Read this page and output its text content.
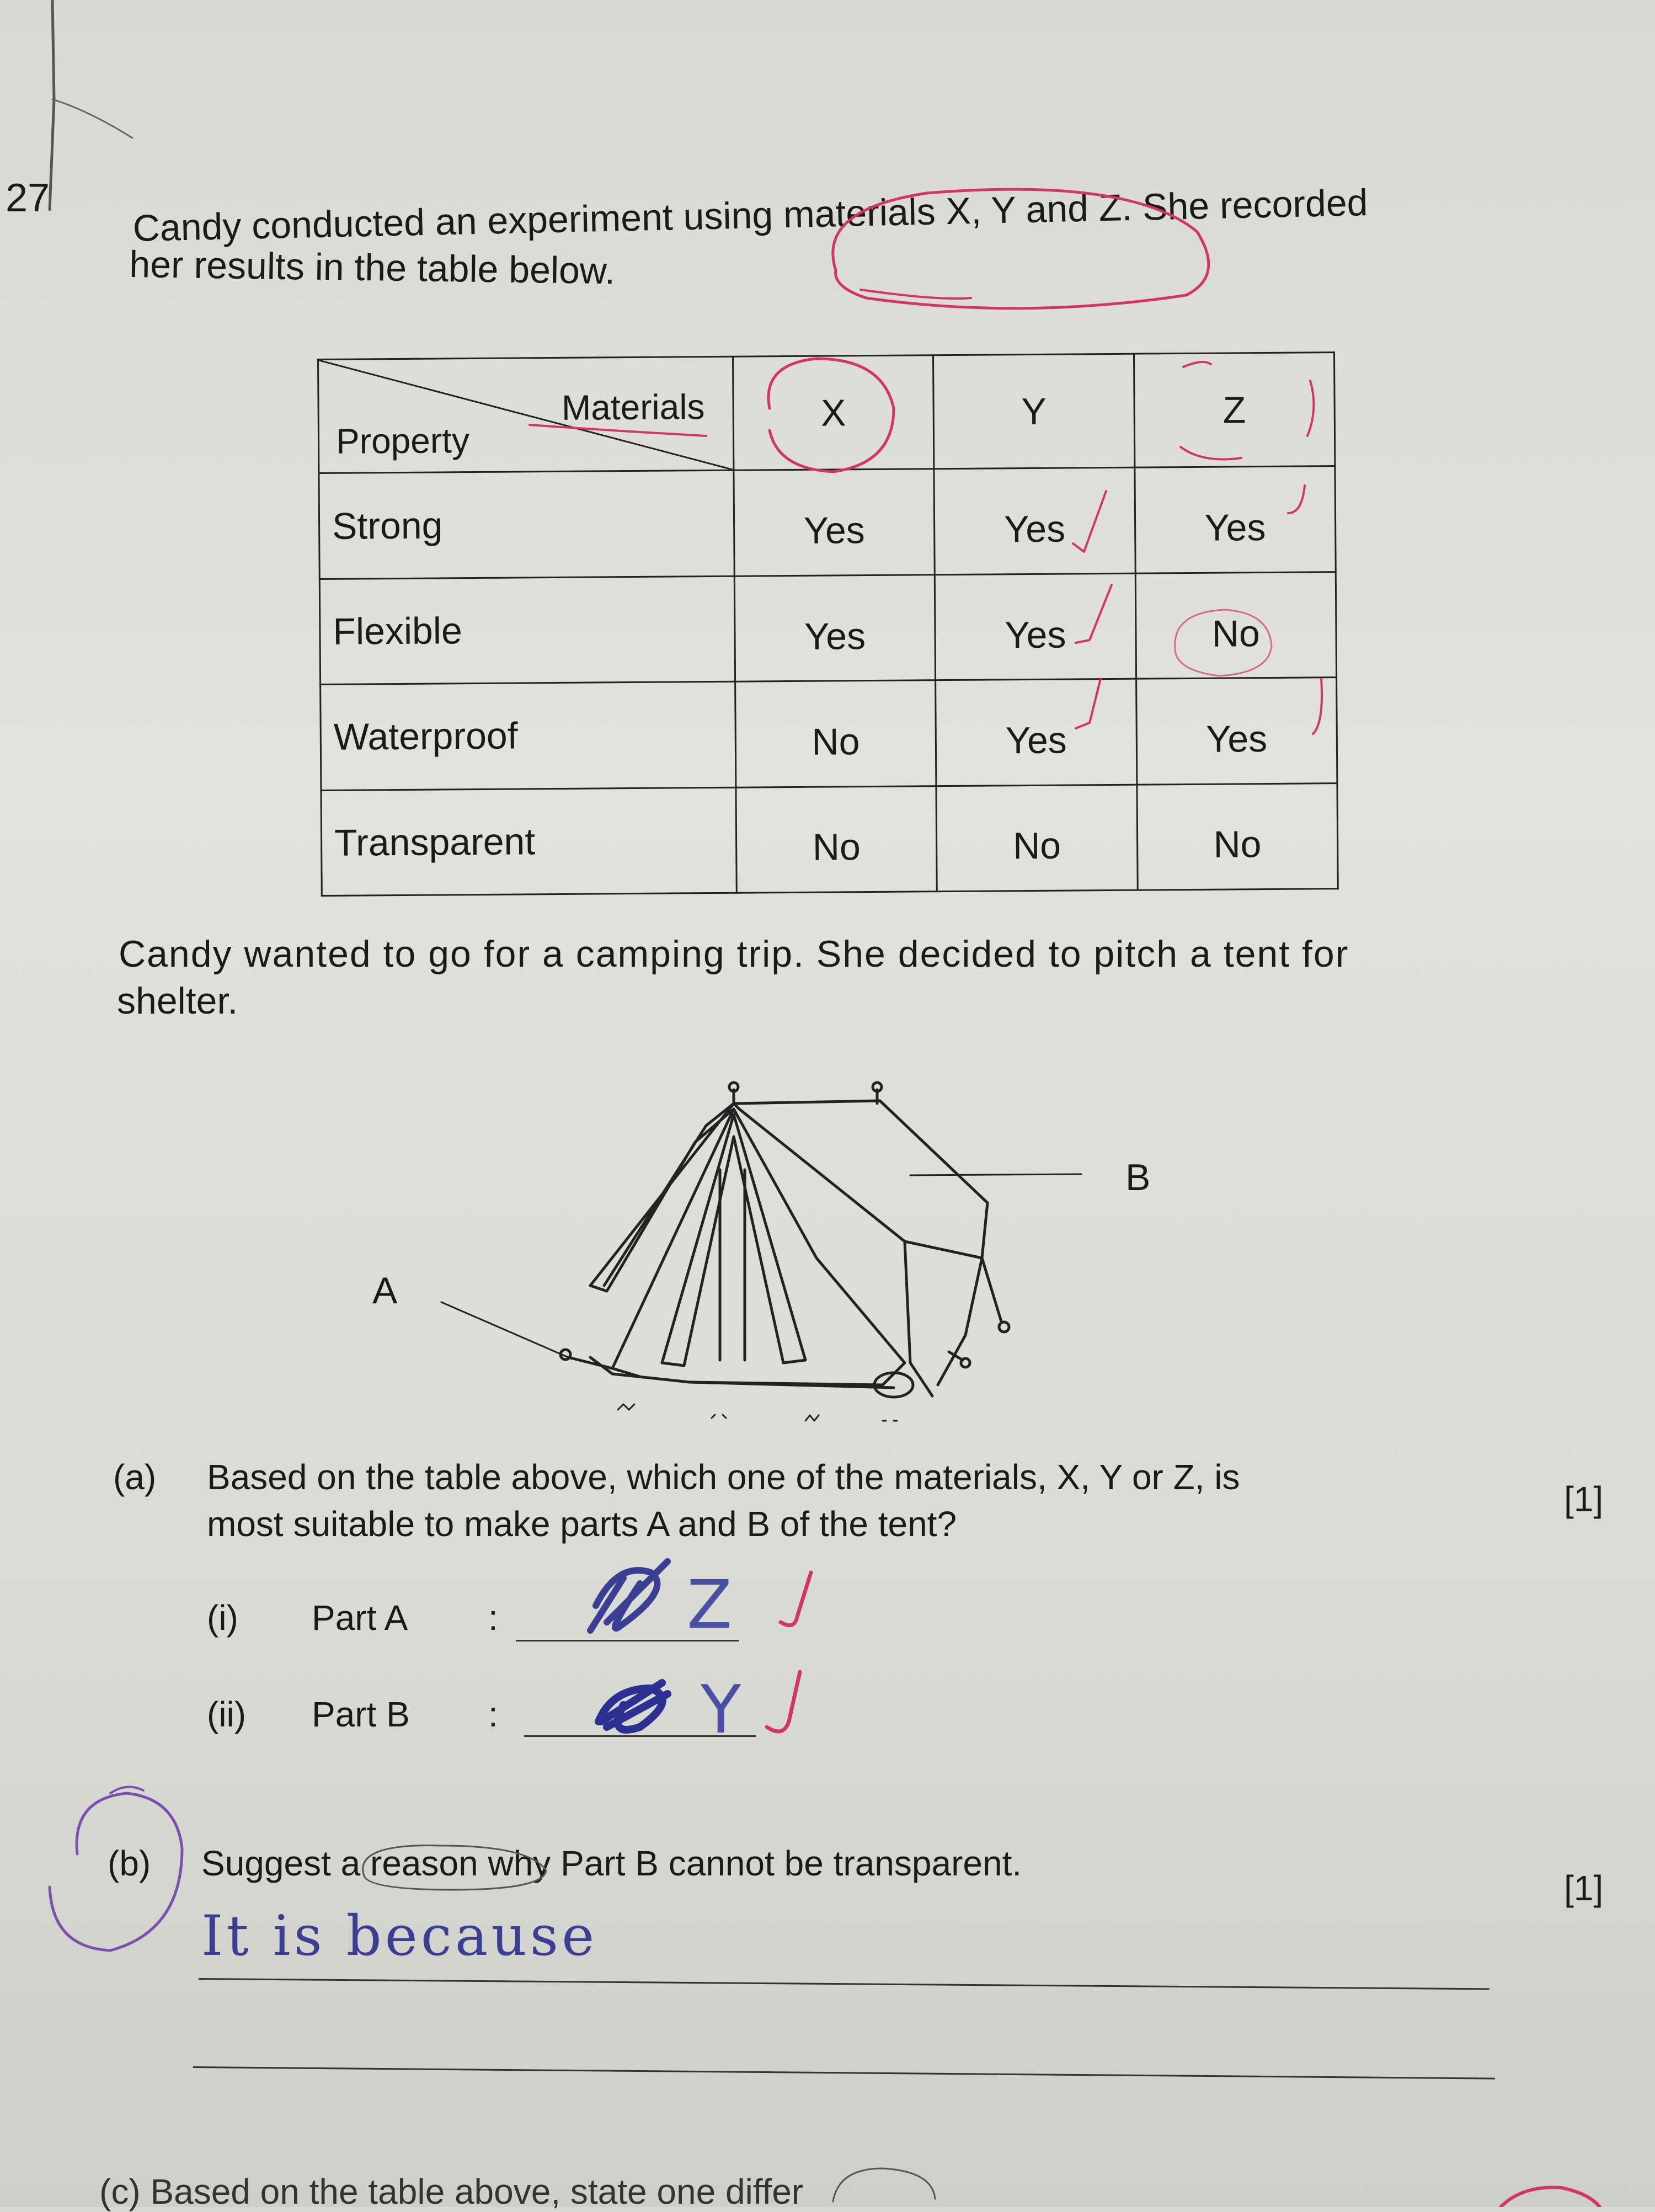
27 Candy conducted an experiment using materials X, Y and Z. She recorded
her results in the table below.
Materials
Property	X	Y	Z
Strong	Yes	Yes	Yes
Flexible	Yes	Yes	No
Waterproof	No	Yes	Yes
Transparent	No	No	No
Candy wanted to go for a camping trip. She decided to pitch a tent for
shelter.
A
B
(a) Based on the table above, which one of the materials, X, Y or Z, is
most suitable to make parts A and B of the tent?
[1]
(i) Part A :	Z
(ii) Part B :	Y
(b) Suggest a reason why Part B cannot be transparent.
[1]
It is because
(c) Based on the table above, state one differ
